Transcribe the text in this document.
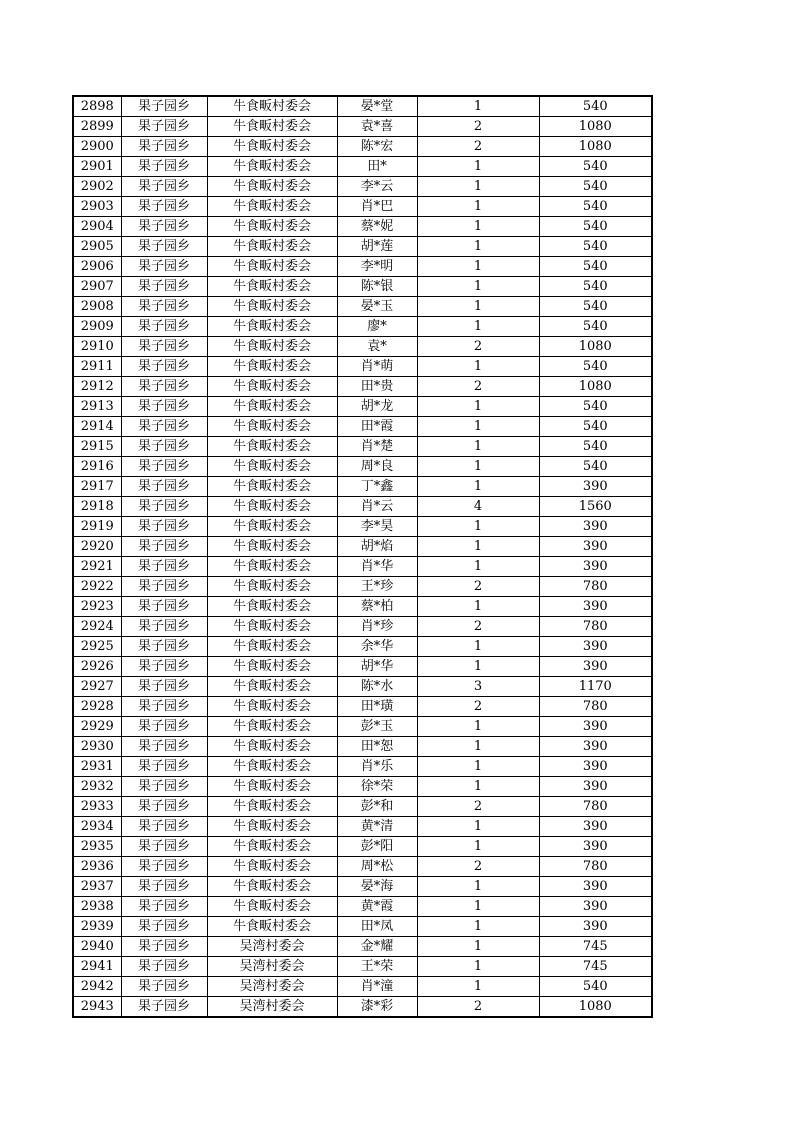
2898	果子园乡	牛食畈村委会	晏*堂	1	540
2899	果子园乡	牛食畈村委会	袁*喜	2	1080
2900	果子园乡	牛食畈村委会	陈*宏	2	1080
2901	果子园乡	牛食畈村委会	田*	1	540
2902	果子园乡	牛食畈村委会	李*云	1	540
2903	果子园乡	牛食畈村委会	肖*巴	1	540
2904	果子园乡	牛食畈村委会	蔡*妮	1	540
2905	果子园乡	牛食畈村委会	胡*莲	1	540
2906	果子园乡	牛食畈村委会	李*明	1	540
2907	果子园乡	牛食畈村委会	陈*银	1	540
2908	果子园乡	牛食畈村委会	晏*玉	1	540
2909	果子园乡	牛食畈村委会	廖*	1	540
2910	果子园乡	牛食畈村委会	袁*	2	1080
2911	果子园乡	牛食畈村委会	肖*萌	1	540
2912	果子园乡	牛食畈村委会	田*贵	2	1080
2913	果子园乡	牛食畈村委会	胡*龙	1	540
2914	果子园乡	牛食畈村委会	田*霞	1	540
2915	果子园乡	牛食畈村委会	肖*楚	1	540
2916	果子园乡	牛食畈村委会	周*良	1	540
2917	果子园乡	牛食畈村委会	丁*鑫	1	390
2918	果子园乡	牛食畈村委会	肖*云	4	1560
2919	果子园乡	牛食畈村委会	李*昊	1	390
2920	果子园乡	牛食畈村委会	胡*焰	1	390
2921	果子园乡	牛食畈村委会	肖*华	1	390
2922	果子园乡	牛食畈村委会	王*珍	2	780
2923	果子园乡	牛食畈村委会	蔡*柏	1	390
2924	果子园乡	牛食畈村委会	肖*珍	2	780
2925	果子园乡	牛食畈村委会	余*华	1	390
2926	果子园乡	牛食畈村委会	胡*华	1	390
2927	果子园乡	牛食畈村委会	陈*水	3	1170
2928	果子园乡	牛食畈村委会	田*璜	2	780
2929	果子园乡	牛食畈村委会	彭*玉	1	390
2930	果子园乡	牛食畈村委会	田*恕	1	390
2931	果子园乡	牛食畈村委会	肖*乐	1	390
2932	果子园乡	牛食畈村委会	徐*荣	1	390
2933	果子园乡	牛食畈村委会	彭*和	2	780
2934	果子园乡	牛食畈村委会	黄*清	1	390
2935	果子园乡	牛食畈村委会	彭*阳	1	390
2936	果子园乡	牛食畈村委会	周*松	2	780
2937	果子园乡	牛食畈村委会	晏*海	1	390
2938	果子园乡	牛食畈村委会	黄*霞	1	390
2939	果子园乡	牛食畈村委会	田*凤	1	390
2940	果子园乡	吴湾村委会	金*耀	1	745
2941	果子园乡	吴湾村委会	王*荣	1	745
2942	果子园乡	吴湾村委会	肖*潼	1	540
2943	果子园乡	吴湾村委会	漆*彩	2	1080
